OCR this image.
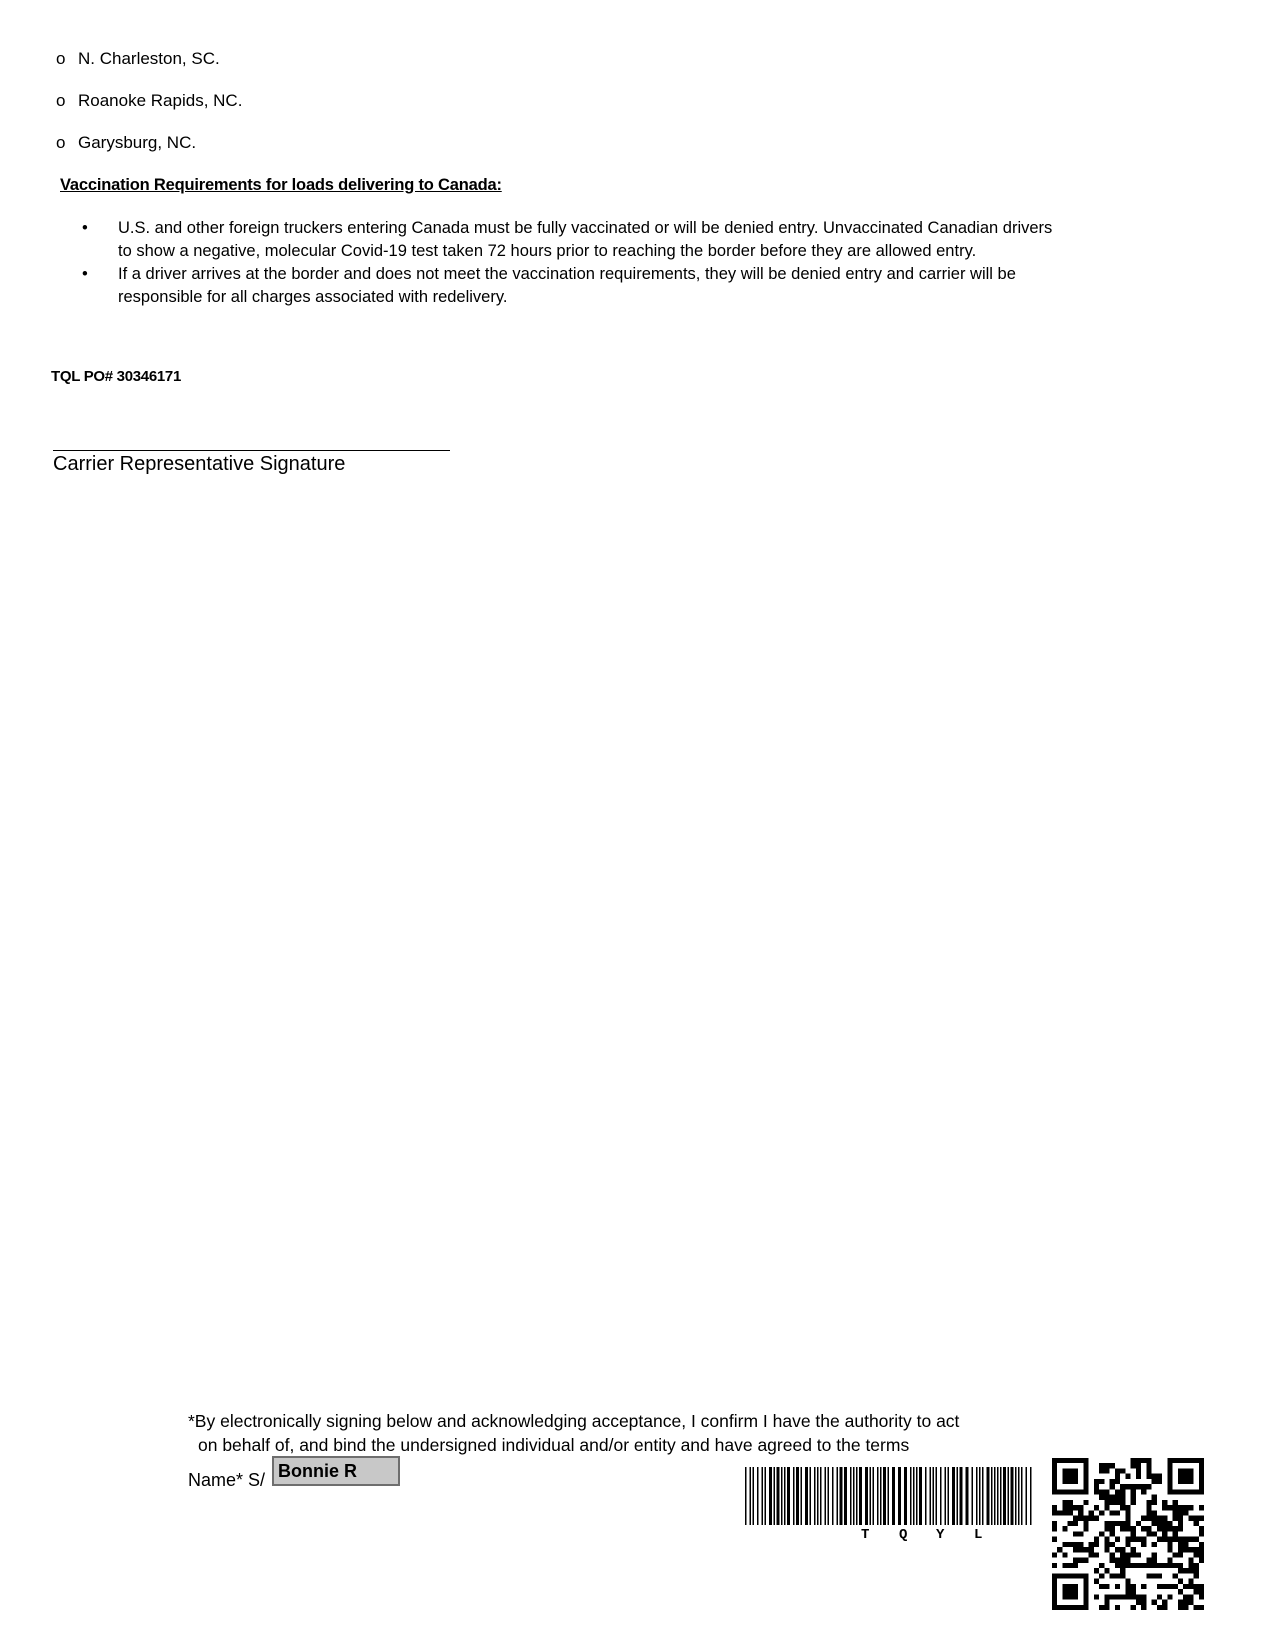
o N. Charleston, SC.
o Roanoke Rapids, NC.
o Garysburg, NC.
Vaccination Requirements for loads delivering to Canada:
• U.S. and other foreign truckers entering Canada must be fully vaccinated or will be denied entry. Unvaccinated Canadian drivers
to show a negative, molecular Covid-19 test taken 72 hours prior to reaching the border before they are allowed entry.
• If a driver arrives at the border and does not meet the vaccination requirements, they will be denied entry and carrier will be
responsible for all charges associated with redelivery.
TQL PO# 30346171
Carrier Representative Signature
*By electronically signing below and acknowledging acceptance, I confirm I have the authority to act
on behalf of, and bind the undersigned individual and/or entity and have agreed to the terms
Name* S/ Bonnie R
T Q Y L
